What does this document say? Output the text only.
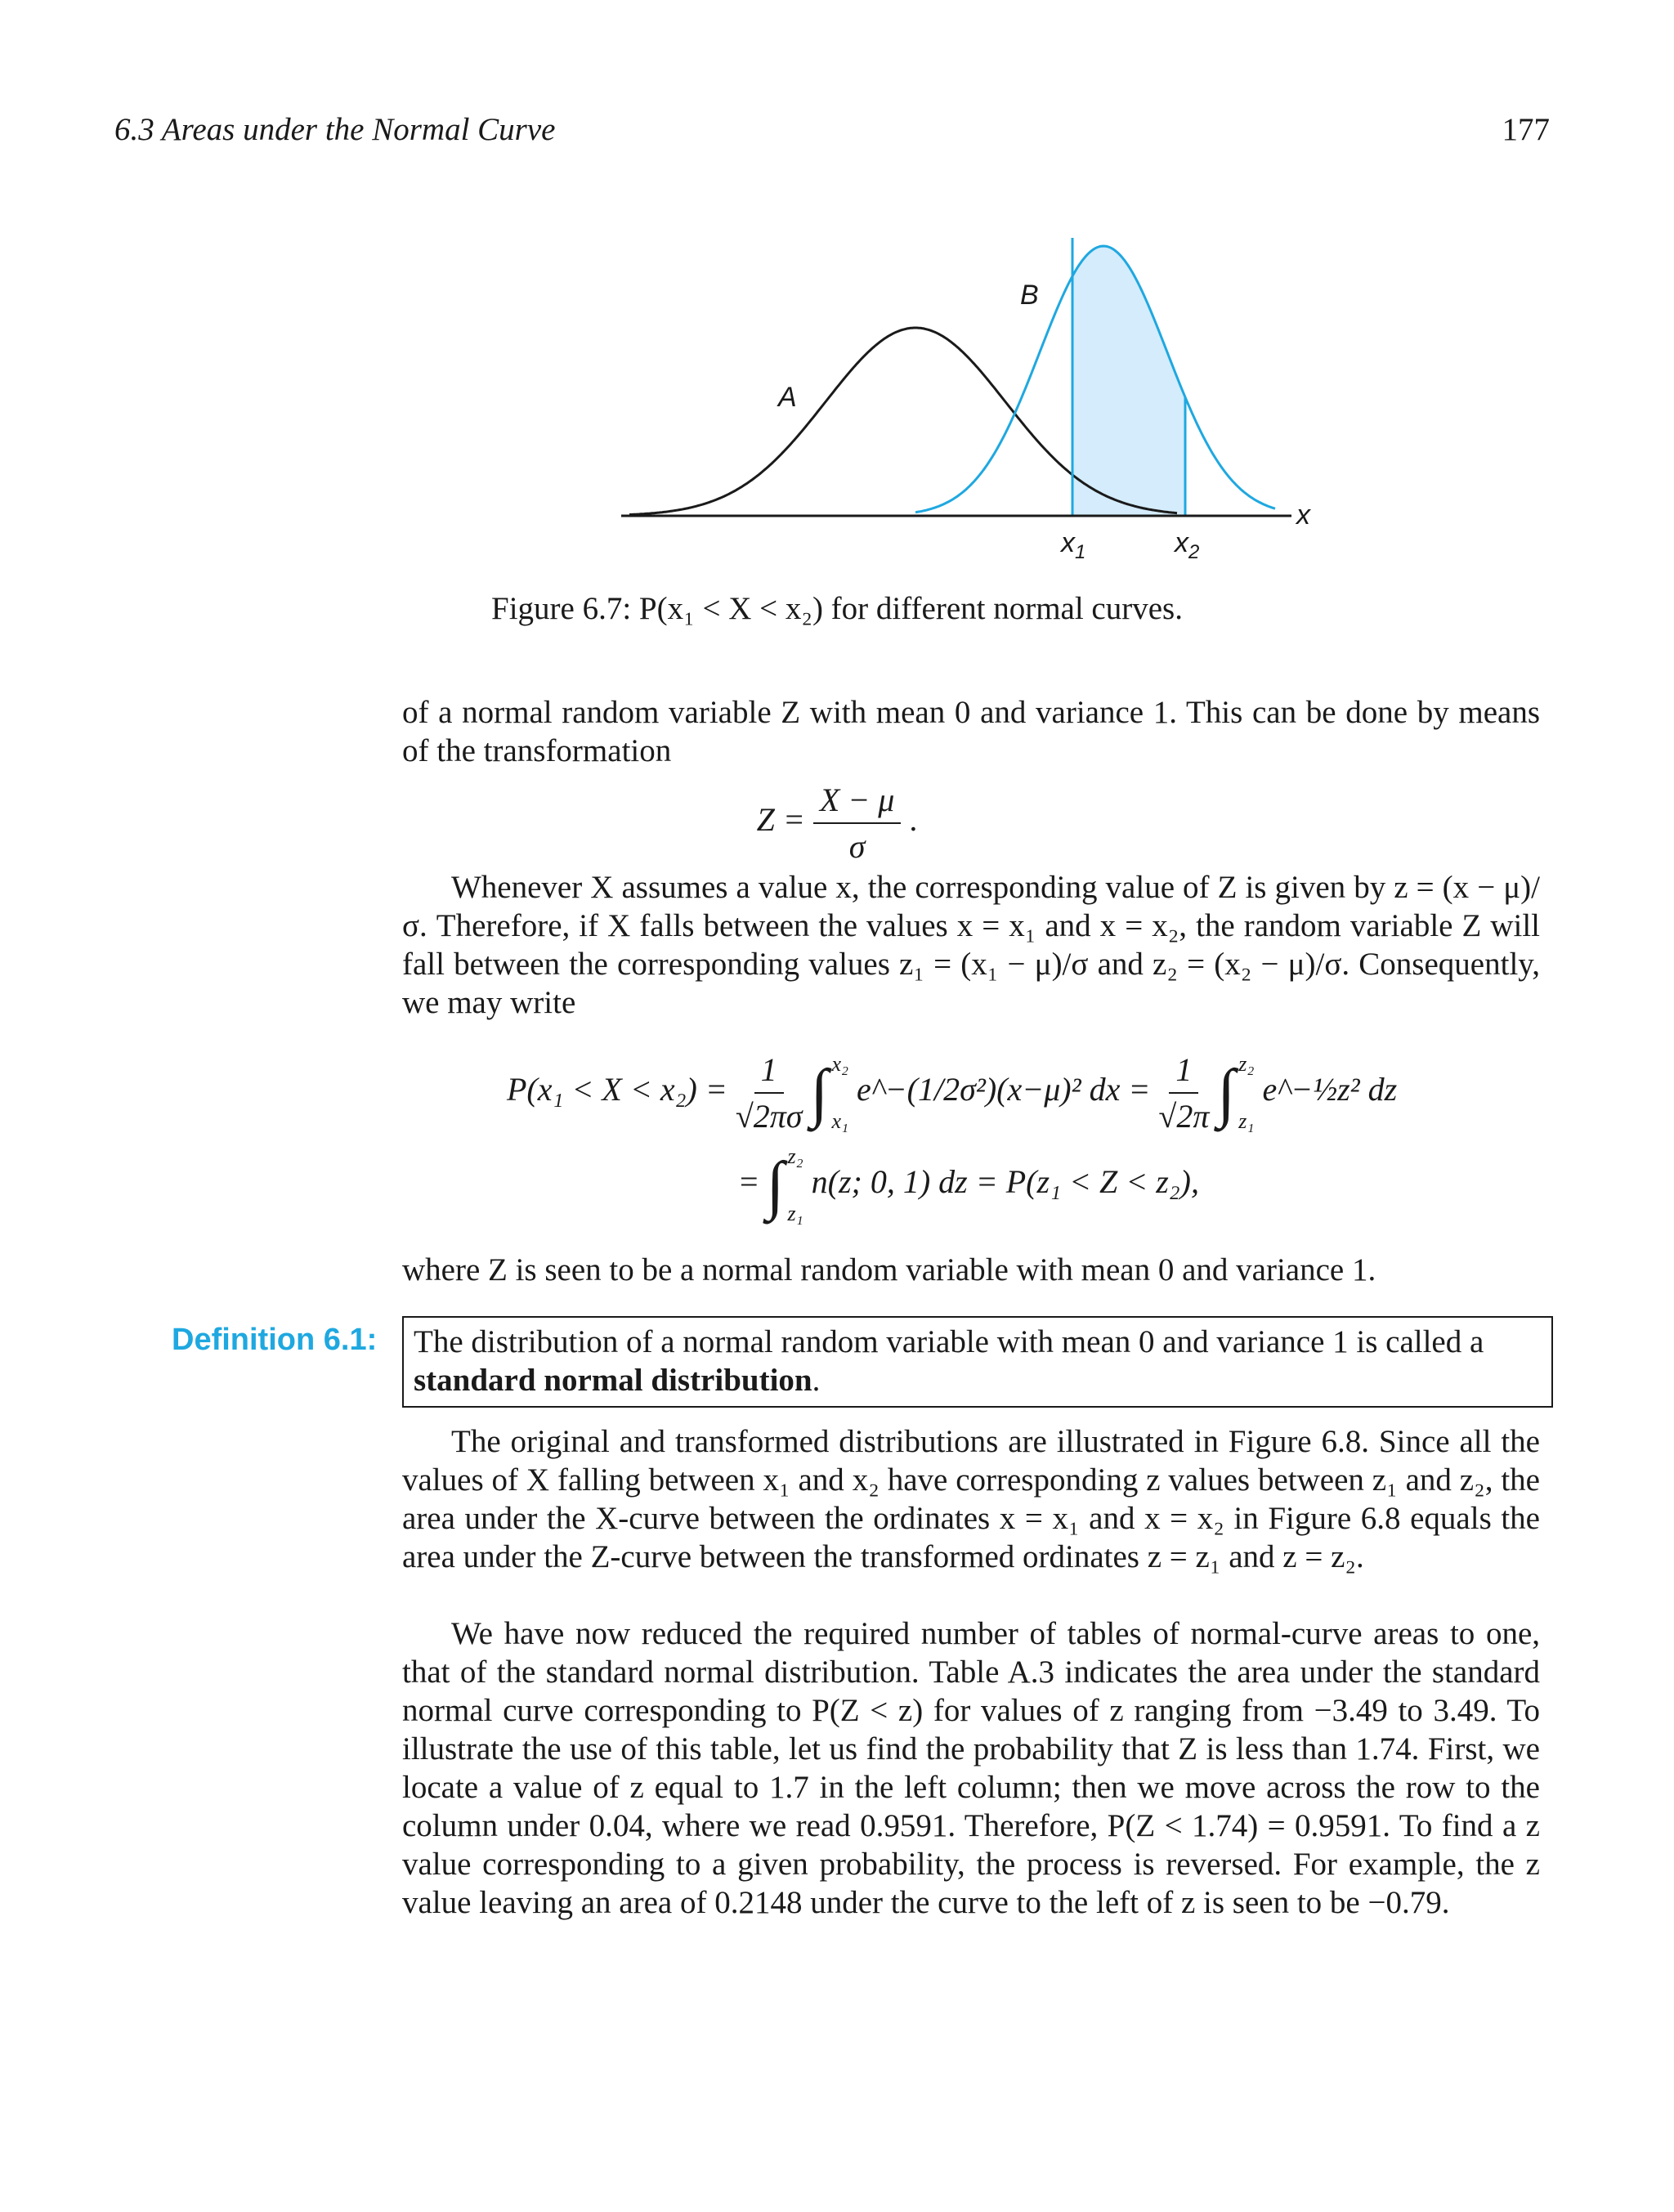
6.3 Areas under the Normal Curve	177
A
B
$x_1$	$x_2$
x
Figure 6.7: P(x₁ < X < x₂) for different normal curves.
of a normal random variable Z with mean 0 and variance 1. This can be done by means of the transformation
$Z = \frac{X - \mu}{\sigma}$ .
Whenever X assumes a value x, the corresponding value of Z is given by z = (x − μ)/σ. Therefore, if X falls between the values x = x₁ and x = x₂, the random variable Z will fall between the corresponding values z₁ = (x₁ − μ)/σ and z₂ = (x₂ − μ)/σ. Consequently, we may write
$P(x_1 < X < x_2) = \frac{1}{√2\pi\sigma}$ ∫ x₂
x₁
e^−(1/2σ²)(x−μ)² dx = $\frac{1}{√2\pi}$ ∫ z₂
z₁
e^−½z² dz
= ∫ z₂
z₁
n(z; 0, 1) dz = P(z₁ < Z < z₂),
where Z is seen to be a normal random variable with mean 0 and variance 1.
Definition 6.1:	The distribution of a normal random variable with mean 0 and variance 1 is called a standard normal distribution.
The original and transformed distributions are illustrated in Figure 6.8. Since all the values of X falling between x₁ and x₂ have corresponding z values between z₁ and z₂, the area under the X-curve between the ordinates x = x₁ and x = x₂ in Figure 6.8 equals the area under the Z-curve between the transformed ordinates z = z₁ and z = z₂.
We have now reduced the required number of tables of normal-curve areas to one, that of the standard normal distribution. Table A.3 indicates the area under the standard normal curve corresponding to P(Z < z) for values of z ranging from −3.49 to 3.49. To illustrate the use of this table, let us find the probability that Z is less than 1.74. First, we locate a value of z equal to 1.7 in the left column; then we move across the row to the column under 0.04, where we read 0.9591. Therefore, P(Z < 1.74) = 0.9591. To find a z value corresponding to a given probability, the process is reversed. For example, the z value leaving an area of 0.2148 under the curve to the left of z is seen to be −0.79.
